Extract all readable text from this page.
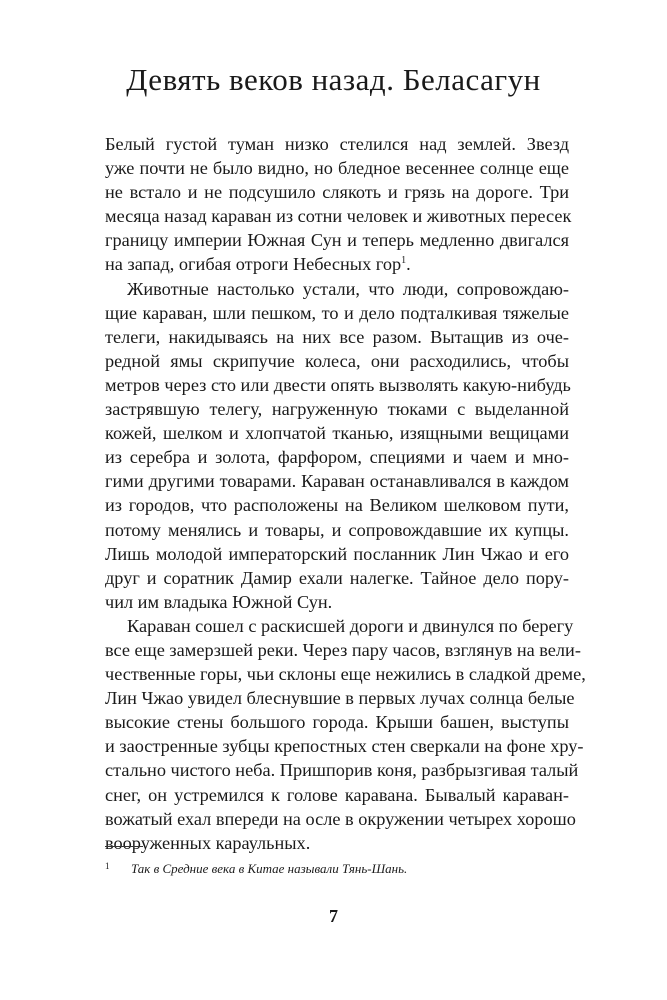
Девять веков назад. Беласагун
Белый густой туман низко стелился над землей. Звезд
уже почти не было видно, но бледное весеннее солнце еще
не встало и не подсушило слякоть и грязь на дороге. Три
месяца назад караван из сотни человек и животных пересек
границу империи Южная Сун и теперь медленно двигался
на запад, огибая отроги Небесных гор$^1$.
Животные настолько устали, что люди, сопровождаю-
щие караван, шли пешком, то и дело подталкивая тяжелые
телеги, накидываясь на них все разом. Вытащив из оче-
редной ямы скрипучие колеса, они расходились, чтобы
метров через сто или двести опять вызволять какую-нибудь
застрявшую телегу, нагруженную тюками с выделанной
кожей, шелком и хлопчатой тканью, изящными вещицами
из серебра и золота, фарфором, специями и чаем и мно-
гими другими товарами. Караван останавливался в каждом
из городов, что расположены на Великом шелковом пути,
потому менялись и товары, и сопровождавшие их купцы.
Лишь молодой императорский посланник Лин Чжао и его
друг и соратник Дамир ехали налегке. Тайное дело пору-
чил им владыка Южной Сун.
Караван сошел с раскисшей дороги и двинулся по берегу
все еще замерзшей реки. Через пару часов, взглянув на вели-
чественные горы, чьи склоны еще нежились в сладкой дреме,
Лин Чжао увидел блеснувшие в первых лучах солнца белые
высокие стены большого города. Крыши башен, выступы
и заостренные зубцы крепостных стен сверкали на фоне хру-
стально чистого неба. Пришпорив коня, разбрызгивая талый
снег, он устремился к голове каравана. Бывалый караван-
вожатый ехал впереди на осле в окружении четырех хорошо
вооруженных караульных.
1 Так в Средние века в Китае называли Тянь-Шань.
7
